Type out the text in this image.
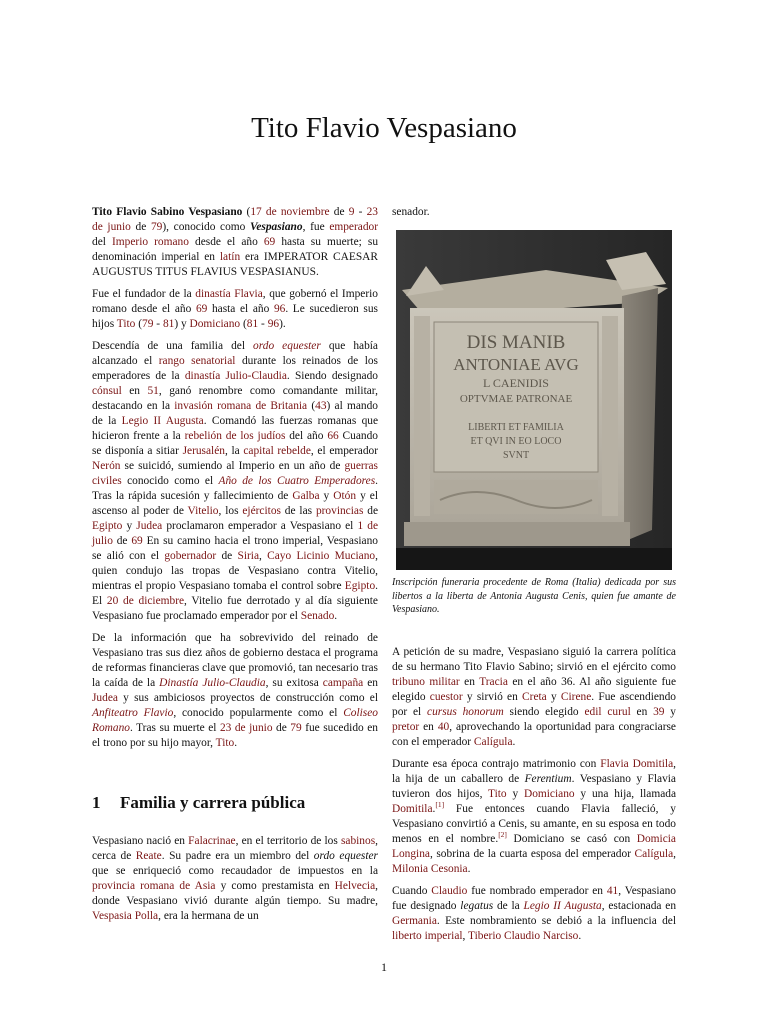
Tito Flavio Vespasiano

Tito Flavio Sabino Vespasiano (17 de noviembre de 9 - 23 de junio de 79), conocido como Vespasiano, fue emperador del Imperio romano desde el año 69 hasta su muerte; su denominación imperial en latín era IMPERATOR CAESAR AUGUSTUS TITUS FLAVIUS VESPASIANUS.

Fue el fundador de la dinastía Flavia, que gobernó el Imperio romano desde el año 69 hasta el año 96. Le sucedieron sus hijos Tito (79 - 81) y Domiciano (81 - 96).

Descendía de una familia del ordo equester que había alcanzado el rango senatorial durante los reinados de los emperadores de la dinastía Julio-Claudia. Siendo designado cónsul en 51, ganó renombre como comandante militar, destacando en la invasión romana de Britania (43) al mando de la Legio II Augusta. Comandó las fuerzas romanas que hicieron frente a la rebelión de los judíos del año 66 Cuando se disponía a sitiar Jerusalén, la capital rebelde, el emperador Nerón se suicidó, sumiendo al Imperio en un año de guerras civiles conocido como el Año de los Cuatro Emperadores. Tras la rápida sucesión y fallecimiento de Galba y Otón y el ascenso al poder de Vitelio, los ejércitos de las provincias de Egipto y Judea proclamaron emperador a Vespasiano el 1 de julio de 69 En su camino hacia el trono imperial, Vespasiano se alió con el gobernador de Siria, Cayo Licinio Muciano, quien condujo las tropas de Vespasiano contra Vitelio, mientras el propio Vespasiano tomaba el control sobre Egipto. El 20 de diciembre, Vitelio fue derrotado y al día siguiente Vespasiano fue proclamado emperador por el Senado.

De la información que ha sobrevivido del reinado de Vespasiano tras sus diez años de gobierno destaca el programa de reformas financieras clave que promovió, tan necesario tras la caída de la Dinastía Julio-Claudia, su exitosa campaña en Judea y sus ambiciosos proyectos de construcción como el Anfiteatro Flavio, conocido popularmente como el Coliseo Romano. Tras su muerte el 23 de junio de 79 fue sucedido en el trono por su hijo mayor, Tito.

1 Familia y carrera pública

Vespasiano nació en Falacrinae, en el territorio de los sabinos, cerca de Reate. Su padre era un miembro del ordo equester que se enriqueció como recaudador de impuestos en la provincia romana de Asia y como prestamista en Helvecia, donde Vespasiano vivió durante algún tiempo. Su madre, Vespasia Polla, era la hermana de un

senador.

DIS MANIB
ANTONIAE AVG
L CAENIDIS
OPTVMAE PATRONAE
LIBERTI ET FAMILIA
ET QVI IN EO LOCO
SVNT
Inscripción funeraria procedente de Roma (Italia) dedicada por sus libertos a la liberta de Antonia Augusta Cenis, quien fue amante de Vespasiano.

A petición de su madre, Vespasiano siguió la carrera política de su hermano Tito Flavio Sabino; sirvió en el ejército como tribuno militar en Tracia en el año 36. Al año siguiente fue elegido cuestor y sirvió en Creta y Cirene. Fue ascendiendo por el cursus honorum siendo elegido edil curul en 39 y pretor en 40, aprovechando la oportunidad para congraciarse con el emperador Calígula.

Durante esa época contrajo matrimonio con Flavia Domitila, la hija de un caballero de Ferentium. Vespasiano y Flavia tuvieron dos hijos, Tito y Domiciano y una hija, llamada Domitila.[1] Fue entonces cuando Flavia falleció, y Vespasiano convirtió a Cenis, su amante, en su esposa en todo menos en el nombre.[2] Domiciano se casó con Domicia Longina, sobrina de la cuarta esposa del emperador Calígula, Milonia Cesonia.

Cuando Claudio fue nombrado emperador en 41, Vespasiano fue designado legatus de la Legio II Augusta, estacionada en Germania. Este nombramiento se debió a la influencia del liberto imperial, Tiberio Claudio Narciso.

1
